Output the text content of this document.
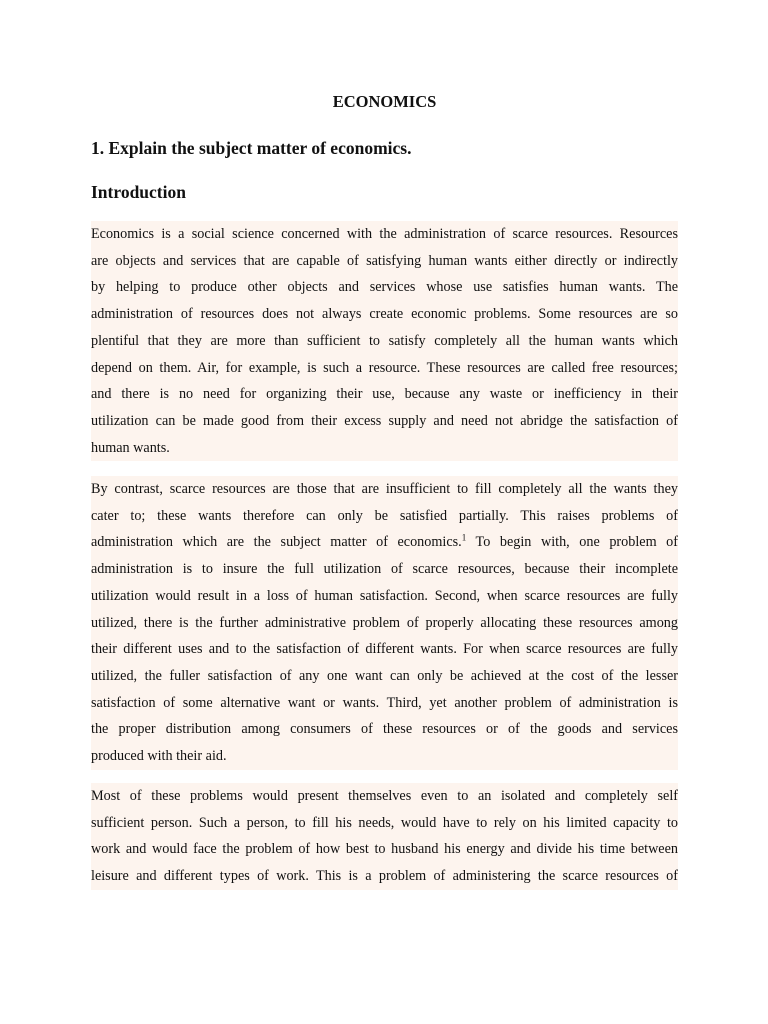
ECONOMICS
1. Explain the subject matter of economics.
Introduction

Economics is a social science concerned with the administration of scarce resources. Resources
are objects and services that are capable of satisfying human wants either directly or indirectly
by helping to produce other objects and services whose use satisfies human wants. The
administration of resources does not always create economic problems. Some resources are so
plentiful that they are more than sufficient to satisfy completely all the human wants which
depend on them. Air, for example, is such a resource. These resources are called free resources;
and there is no need for organizing their use, because any waste or inefficiency in their
utilization can be made good from their excess supply and need not abridge the satisfaction of
human wants.

By contrast, scarce resources are those that are insufficient to fill completely all the wants they
cater to; these wants therefore can only be satisfied partially. This raises problems of
administration which are the subject matter of economics.$^1$ To begin with, one problem of
administration is to insure the full utilization of scarce resources, because their incomplete
utilization would result in a loss of human satisfaction. Second, when scarce resources are fully
utilized, there is the further administrative problem of properly allocating these resources among
their different uses and to the satisfaction of different wants. For when scarce resources are fully
utilized, the fuller satisfaction of any one want can only be achieved at the cost of the lesser
satisfaction of some alternative want or wants. Third, yet another problem of administration is
the proper distribution among consumers of these resources or of the goods and services
produced with their aid.

Most of these problems would present themselves even to an isolated and completely self
sufficient person. Such a person, to fill his needs, would have to rely on his limited capacity to
work and would face the problem of how best to husband his energy and divide his time between
leisure and different types of work. This is a problem of administering the scarce resources of
